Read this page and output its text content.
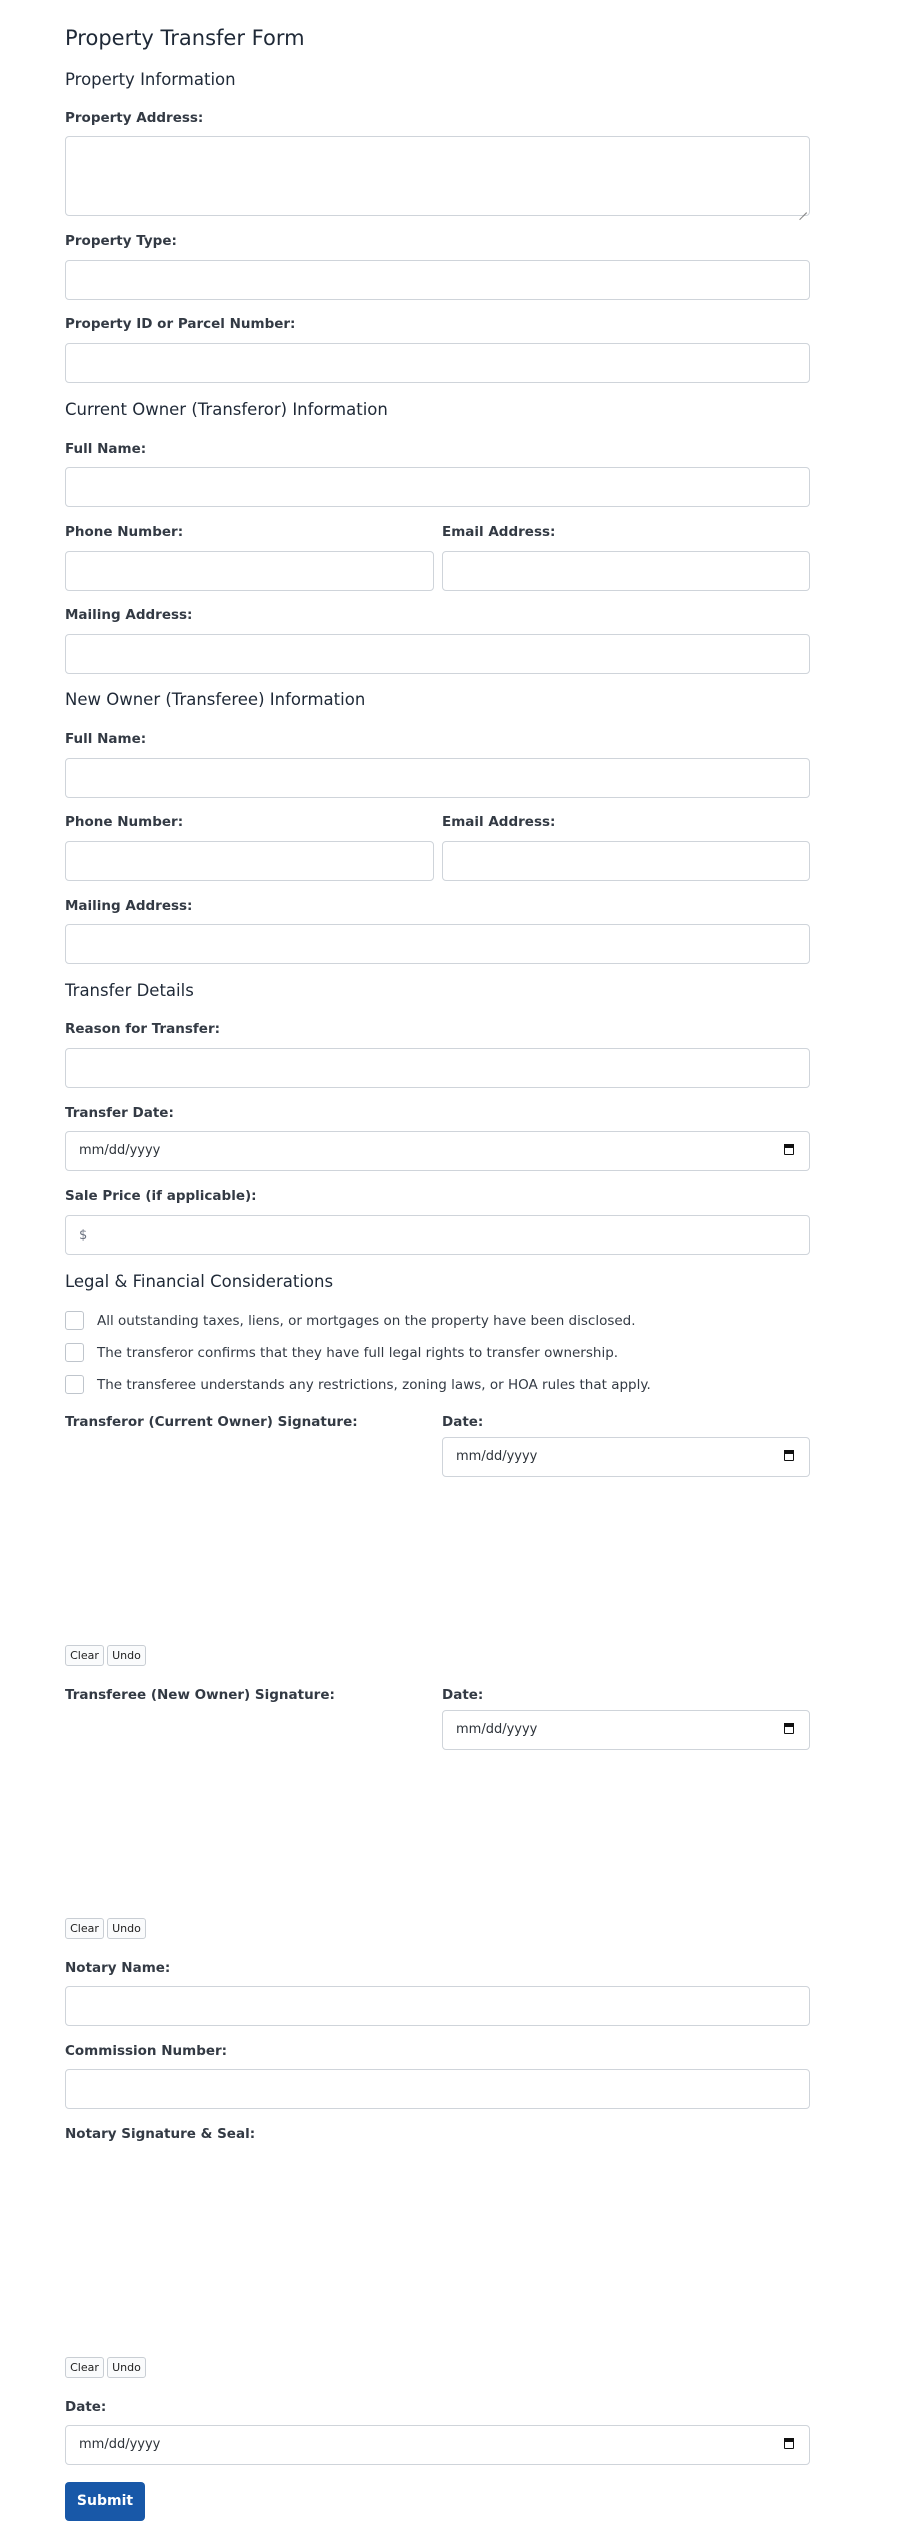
Property Transfer Form
Property Information
Property Address:
Property Type:
Property ID or Parcel Number:
Current Owner (Transferor) Information
Full Name:
Phone Number:	Email Address:
Mailing Address:
New Owner (Transferee) Information
Full Name:
Phone Number:	Email Address:
Mailing Address:
Transfer Details
Reason for Transfer:
Transfer Date:
mm/dd/yyyy
Sale Price (if applicable):
$
Legal & Financial Considerations
All outstanding taxes, liens, or mortgages on the property have been disclosed.
The transferor confirms that they have full legal rights to transfer ownership.
The transferee understands any restrictions, zoning laws, or HOA rules that apply.
Transferor (Current Owner) Signature:	Date:
mm/dd/yyyy
Clear	Undo
Transferee (New Owner) Signature:	Date:
mm/dd/yyyy
Clear	Undo
Notary Name:
Commission Number:
Notary Signature & Seal:
Clear	Undo
Date:
mm/dd/yyyy
Submit
